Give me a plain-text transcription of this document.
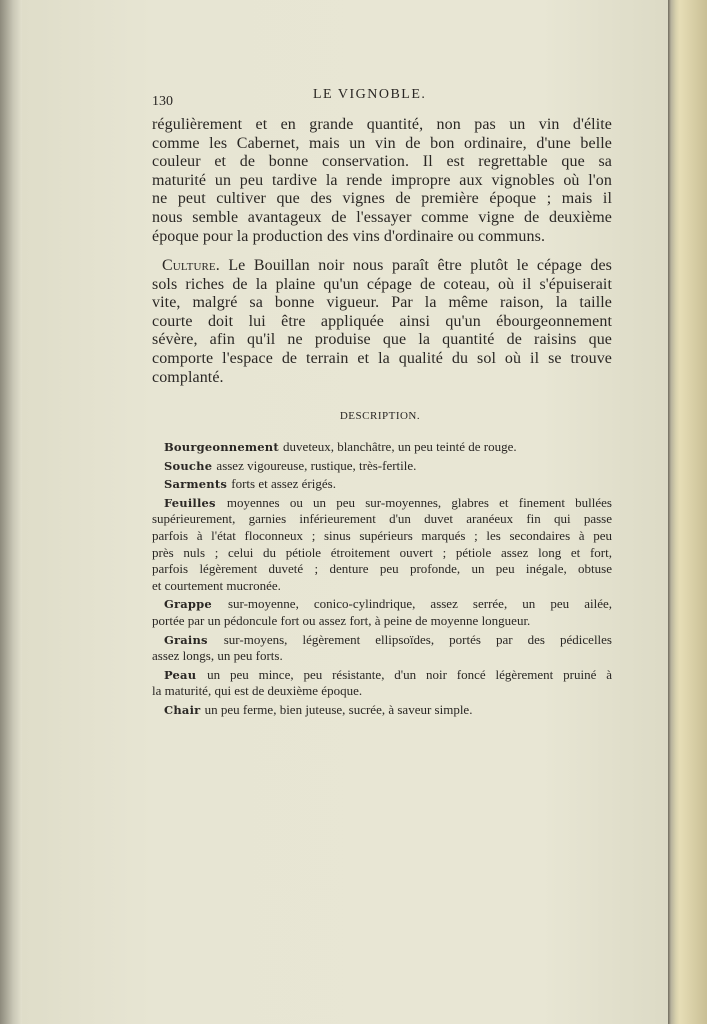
130	LE VIGNOBLE.
régulièrement et en grande quantité, non pas un vin d'élite
comme les Cabernet, mais un vin de bon ordinaire, d'une belle
couleur et de bonne conservation. Il est regrettable que sa
maturité un peu tardive la rende impropre aux vignobles où l'on
ne peut cultiver que des vignes de première époque ; mais il
nous semble avantageux de l'essayer comme vigne de deuxième
époque pour la production des vins d'ordinaire ou communs.
Culture. Le Bouillan noir nous paraît être plutôt le cépage des
sols riches de la plaine qu'un cépage de coteau, où il s'épuiserait
vite, malgré sa bonne vigueur. Par la même raison, la taille
courte doit lui être appliquée ainsi qu'un ébourgeonnement
sévère, afin qu'il ne produise que la quantité de raisins que
comporte l'espace de terrain et la qualité du sol où il se trouve
complanté.
Bourgeonnement duveteux, blanchâtre, un peu teinté de rouge.
Souche assez vigoureuse, rustique, très-fertile.
Sarments forts et assez érigés.
Feuilles moyennes ou un peu sur-moyennes, glabres et finement bullées
supérieurement, garnies inférieurement d'un duvet aranéeux fin qui passe
parfois à l'état floconneux ; sinus supérieurs marqués ; les secondaires à peu
près nuls ; celui du pétiole étroitement ouvert ; pétiole assez long et fort,
parfois légèrement duveté ; denture peu profonde, un peu inégale, obtuse
et courtement mucronée.
Grappe sur-moyenne, conico-cylindrique, assez serrée, un peu ailée,
portée par un pédoncule fort ou assez fort, à peine de moyenne longueur.
Grains sur-moyens, légèrement ellipsoïdes, portés par des pédicelles
assez longs, un peu forts.
Peau un peu mince, peu résistante, d'un noir foncé légèrement pruiné à
la maturité, qui est de deuxième époque.
Chair un peu ferme, bien juteuse, sucrée, à saveur simple.
DESCRIPTION.
